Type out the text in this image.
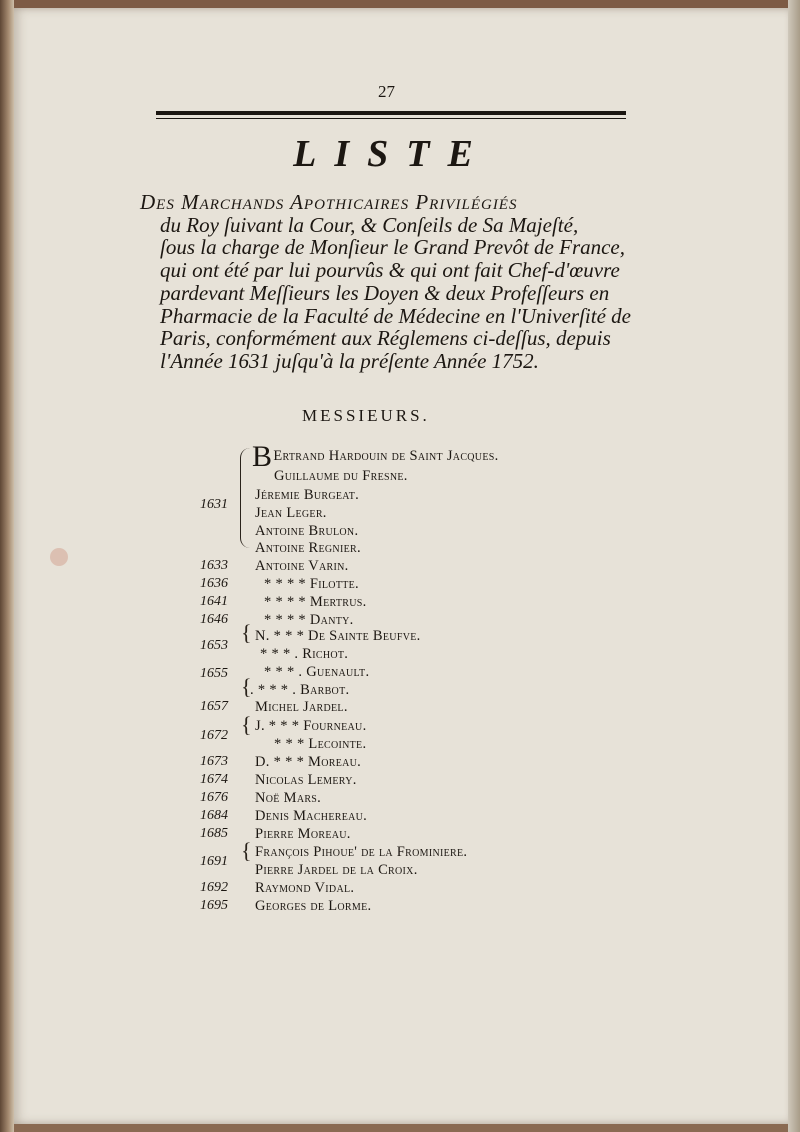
27
LISTE
Des Marchands Apothicaires Privilégiés
du Roy ſuivant la Cour, & Conſeils de Sa Majeſté,
ſous la charge de Monſieur le Grand Prevôt de France,
qui ont été par lui pourvûs & qui ont fait Chef-d'œuvre
pardevant Meſſieurs les Doyen & deux Profeſſeurs en
Pharmacie de la Faculté de Médecine en l'Univerſité de
Paris, conformément aux Réglemens ci-deſſus, depuis
l'Année 1631 juſqu'à la préſente Année 1752.
MESSIEURS.
BErtrand Hardouin de Saint Jacques.
Guillaume du Fresne.
Jéremie Burgeat.
1631
Jean Leger.
Antoine Brulon.
Antoine Regnier.
1633 Antoine Varin.
1636 * * * * Filotte.
1641 * * * * Mertrus.
1646 * * * * Danty.
{ N. * * * De Sainte Beufve.
1653
* * * . Richot.
1655 * * * . Guenault.
{
. * * * . Barbot.
1657 Michel Jardel.
{ J. * * * Fourneau.
1672
* * * Lecointe.
1673 D. * * * Moreau.
1674 Nicolas Lemery.
1676 Noë Mars.
1684 Denis Machereau.
1685 Pierre Moreau.
{ François Pihoue' de la Frominiere.
1691
Pierre Jardel de la Croix.
1692 Raymond Vidal.
1695 Georges de Lorme.
